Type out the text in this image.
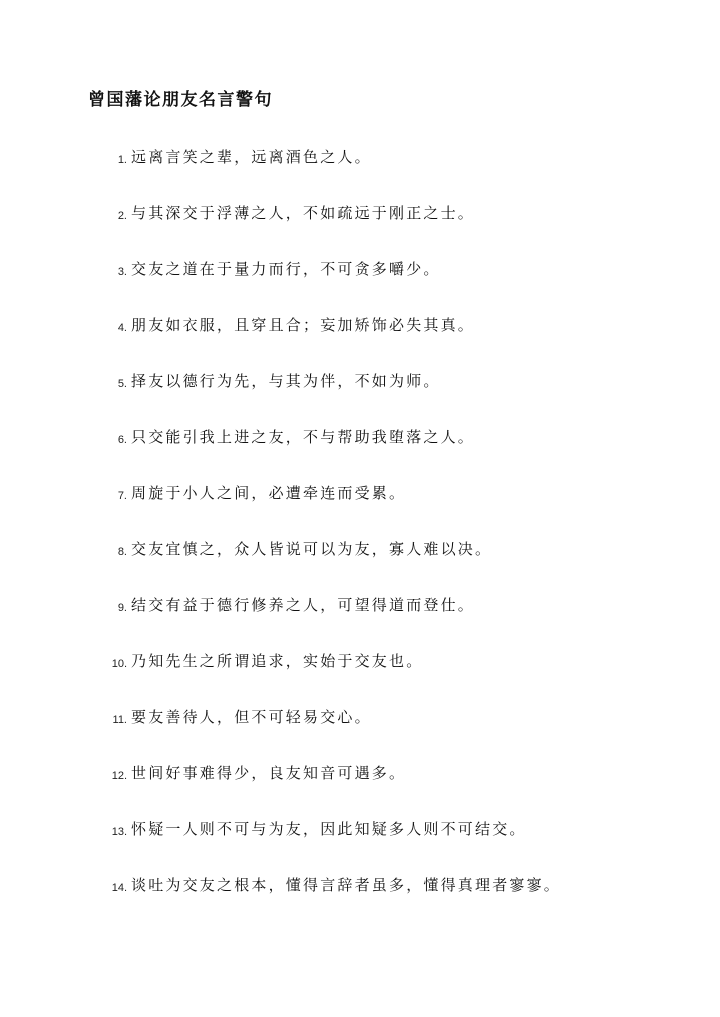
曾国藩论朋友名言警句
1. 远离言笑之辈，远离酒色之人。
2. 与其深交于浮薄之人，不如疏远于刚正之士。
3. 交友之道在于量力而行，不可贪多嚼少。
4. 朋友如衣服，且穿且合；妄加矫饰必失其真。
5. 择友以德行为先，与其为伴，不如为师。
6. 只交能引我上进之友，不与帮助我堕落之人。
7. 周旋于小人之间，必遭牵连而受累。
8. 交友宜慎之，众人皆说可以为友，寡人难以决。
9. 结交有益于德行修养之人，可望得道而登仕。
10. 乃知先生之所谓追求，实始于交友也。
11. 要友善待人，但不可轻易交心。
12. 世间好事难得少，良友知音可遇多。
13. 怀疑一人则不可与为友，因此知疑多人则不可结交。
14. 谈吐为交友之根本，懂得言辞者虽多，懂得真理者寥寥。
